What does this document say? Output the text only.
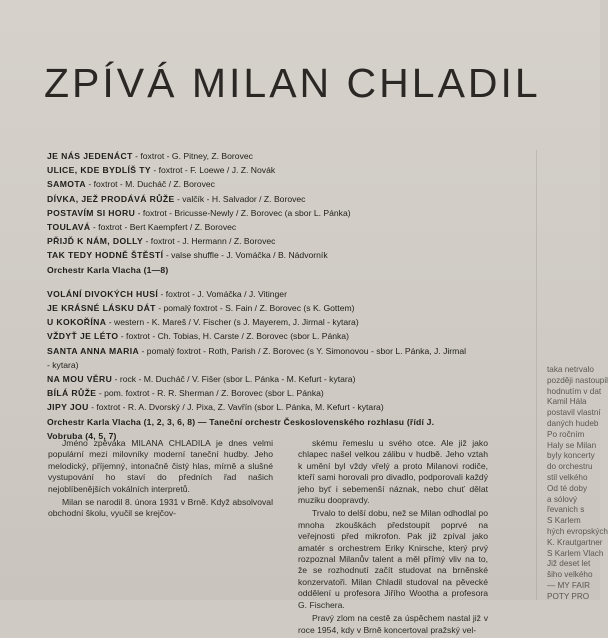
ZPÍVÁ MILAN CHLADIL
JE NÁS JEDENÁCT - foxtrot - G. Pitney, Z. Borovec
ULICE, KDE BYDLÍŠ TY - foxtrot - F. Loewe / J. Z. Novák
SAMOTA - foxtrot - M. Ducháč / Z. Borovec
DÍVKA, JEŽ PRODÁVÁ RŮŽE - valčík - H. Salvador / Z. Borovec
POSTAVÍM SI HORU - foxtrot - Bricusse-Newly / Z. Borovec (a sbor L. Pánka)
TOULAVÁ - foxtrot - Bert Kaempfert / Z. Borovec
PŘIJĎ K NÁM, DOLLY - foxtrot - J. Hermann / Z. Borovec
TAK TEDY HODNĚ ŠTĚSTÍ - valse shuffle - J. Vomáčka / B. Nádvorník
Orchestr Karla Vlacha (1—8)
VOLÁNÍ DIVOKÝCH HUSÍ - foxtrot - J. Vomáčka / J. Vitinger
JE KRÁSNÉ LÁSKU DÁT - pomalý foxtrot - S. Fain / Z. Borovec (s K. Gottem)
U KOKOŘÍNA - western - K. Mareš / V. Fischer (s J. Mayerem, J. Jirmal - kytara)
VŽDYŤ JE LÉTO - foxtrot - Ch. Tobias, H. Carste / Z. Borovec (sbor L. Pánka)
SANTA ANNA MARIA - pomalý foxtrot - Roth, Parish / Z. Borovec (s Y. Simonovou - sbor L. Pánka, J. Jirmal - kytara)
NA MOU VĚRU - rock - M. Ducháč / V. Fišer (sbor L. Pánka - M. Kefurt - kytara)
BÍLÁ RŮŽE - pom. foxtrot - R. R. Sherman / Z. Borovec (sbor L. Pánka)
JIPY JOU - foxtrot - R. A. Dvorský / J. Pixa, Z. Vavřín (sbor L. Pánka, M. Kefurt - kytara)
Orchestr Karla Vlacha (1, 2, 3, 6, 8) — Taneční orchestr Československého rozhlasu (řídí J. Vobruba (4, 5, 7)

Jméno zpěváka MILANA CHLADILA je dnes velmi populární mezi milovníky moderní taneční hudby. Jeho melodický, příjemný, intonačně čistý hlas, mírně a slušné vystupování ho staví do předních řad našich nejoblíbenějších vokálních interpretů.

Milan se narodil 8. února 1931 v Brně. Když absolvoval obchodní školu, vyučil se krejčov-

skému řemeslu u svého otce. Ale již jako chlapec našel velkou zálibu v hudbě. Jeho vztah k umění byl vždy vřelý a proto Milanovi rodiče, kteří sami horovali pro divadlo, podporovali každý jeho byť i sebemenší náznak, nebo chuť dělat muziku doopravdy.

Trvalo to delší dobu, než se Milan odhodlal po mnoha zkouškách předstoupit poprvé na veřejnosti před mikrofon. Pak již zpíval jako amatér s orchestrem Eriky Knirsche, který prvý rozpoznal Milanův talent a měl přímý vliv na to, že se rozhodnutí začít studovat na brněnské konzervatoři. Milan Chladil studoval na pěvecké oddělení u profesora Jiřího Wootha a profesora G. Fischera.

Pravý zlom na cestě za úspěchem nastal již v roce 1954, kdy v Brně koncertoval pražský vel-

taka netrvalo

později nastoupil

hodnutím v dat

Kamil Hála

postavil vlastní

daných hudeb

Po ročním

Haly se Milan

byly koncerty

do orchestru

stil velkého

Od té doby

a sólový

řevanich s

S Karlem

hých evropských

K. Krautgartner

S Karlem Vlach

Již deset let

šiho velkého

— MY FAIR

POTY PRO
